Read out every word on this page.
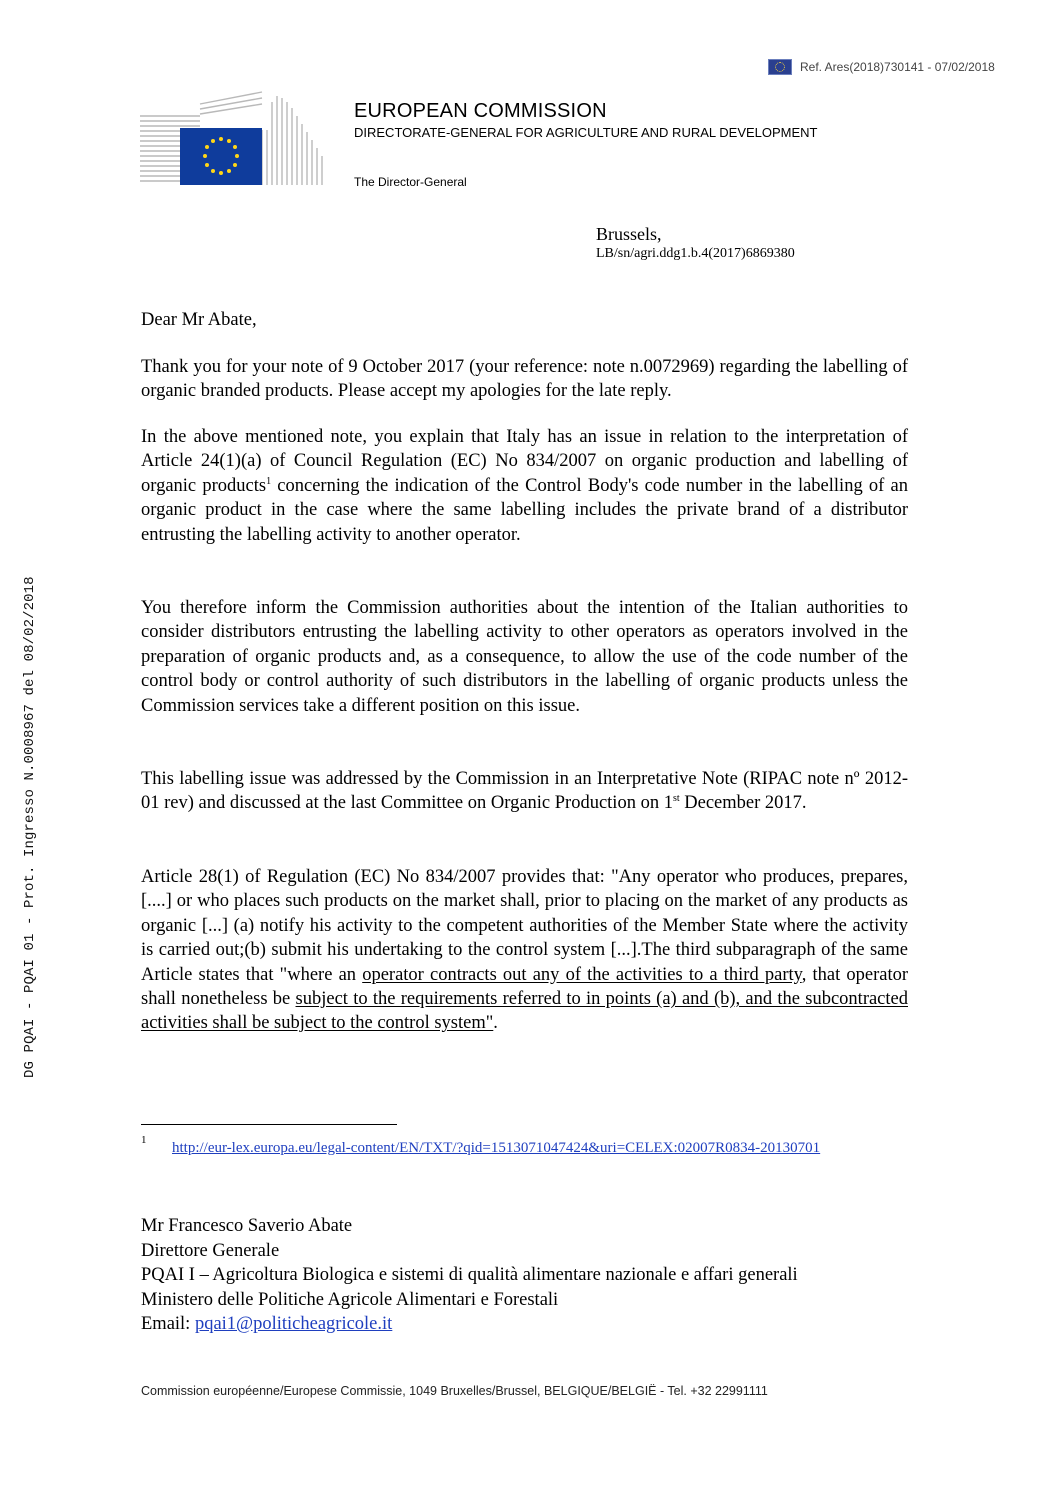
Ref. Ares(2018)730141 - 07/02/2018
EUROPEAN COMMISSION
DIRECTORATE-GENERAL FOR AGRICULTURE AND RURAL DEVELOPMENT
The Director-General
Brussels,
LB/sn/agri.ddg1.b.4(2017)6869380
Dear Mr Abate,
Thank you for your note of 9 October 2017 (your reference: note n.0072969) regarding the labelling of organic branded products. Please accept my apologies for the late reply.
In the above mentioned note, you explain that Italy has an issue in relation to the interpretation of Article 24(1)(a) of Council Regulation (EC) No 834/2007 on organic production and labelling of organic products$^1$ concerning the indication of the Control Body's code number in the labelling of an organic product in the case where the same labelling includes the private brand of a distributor entrusting the labelling activity to another operator.
You therefore inform the Commission authorities about the intention of the Italian authorities to consider distributors entrusting the labelling activity to other operators as operators involved in the preparation of organic products and, as a consequence, to allow the use of the code number of the control body or control authority of such distributors in the labelling of organic products unless the Commission services take a different position on this issue.
This labelling issue was addressed by the Commission in an Interpretative Note (RIPAC note nº 2012-01 rev) and discussed at the last Committee on Organic Production on 1st December 2017.
Article 28(1) of Regulation (EC) No 834/2007 provides that: "Any operator who produces, prepares, [....] or who places such products on the market shall, prior to placing on the market of any products as organic [...] (a) notify his activity to the competent authorities of the Member State where the activity is carried out;(b) submit his undertaking to the control system [...].The third subparagraph of the same Article states that "where an operator contracts out any of the activities to a third party, that operator shall nonetheless be subject to the requirements referred to in points (a) and (b), and the subcontracted activities shall be subject to the control system".
DG PQAI - PQAI 01 - Prot. Ingresso N.0008967 del 08/02/2018
1 http://eur-lex.europa.eu/legal-content/EN/TXT/?qid=1513071047424&uri=CELEX:02007R0834-20130701
Mr Francesco Saverio Abate
Direttore Generale
PQAI I – Agricoltura Biologica e sistemi di qualità alimentare nazionale e affari generali
Ministero delle Politiche Agricole Alimentari e Forestali
Email: pqai1@politicheagricole.it
Commission européenne/Europese Commissie, 1049 Bruxelles/Brussel, BELGIQUE/BELGIË - Tel. +32 22991111
